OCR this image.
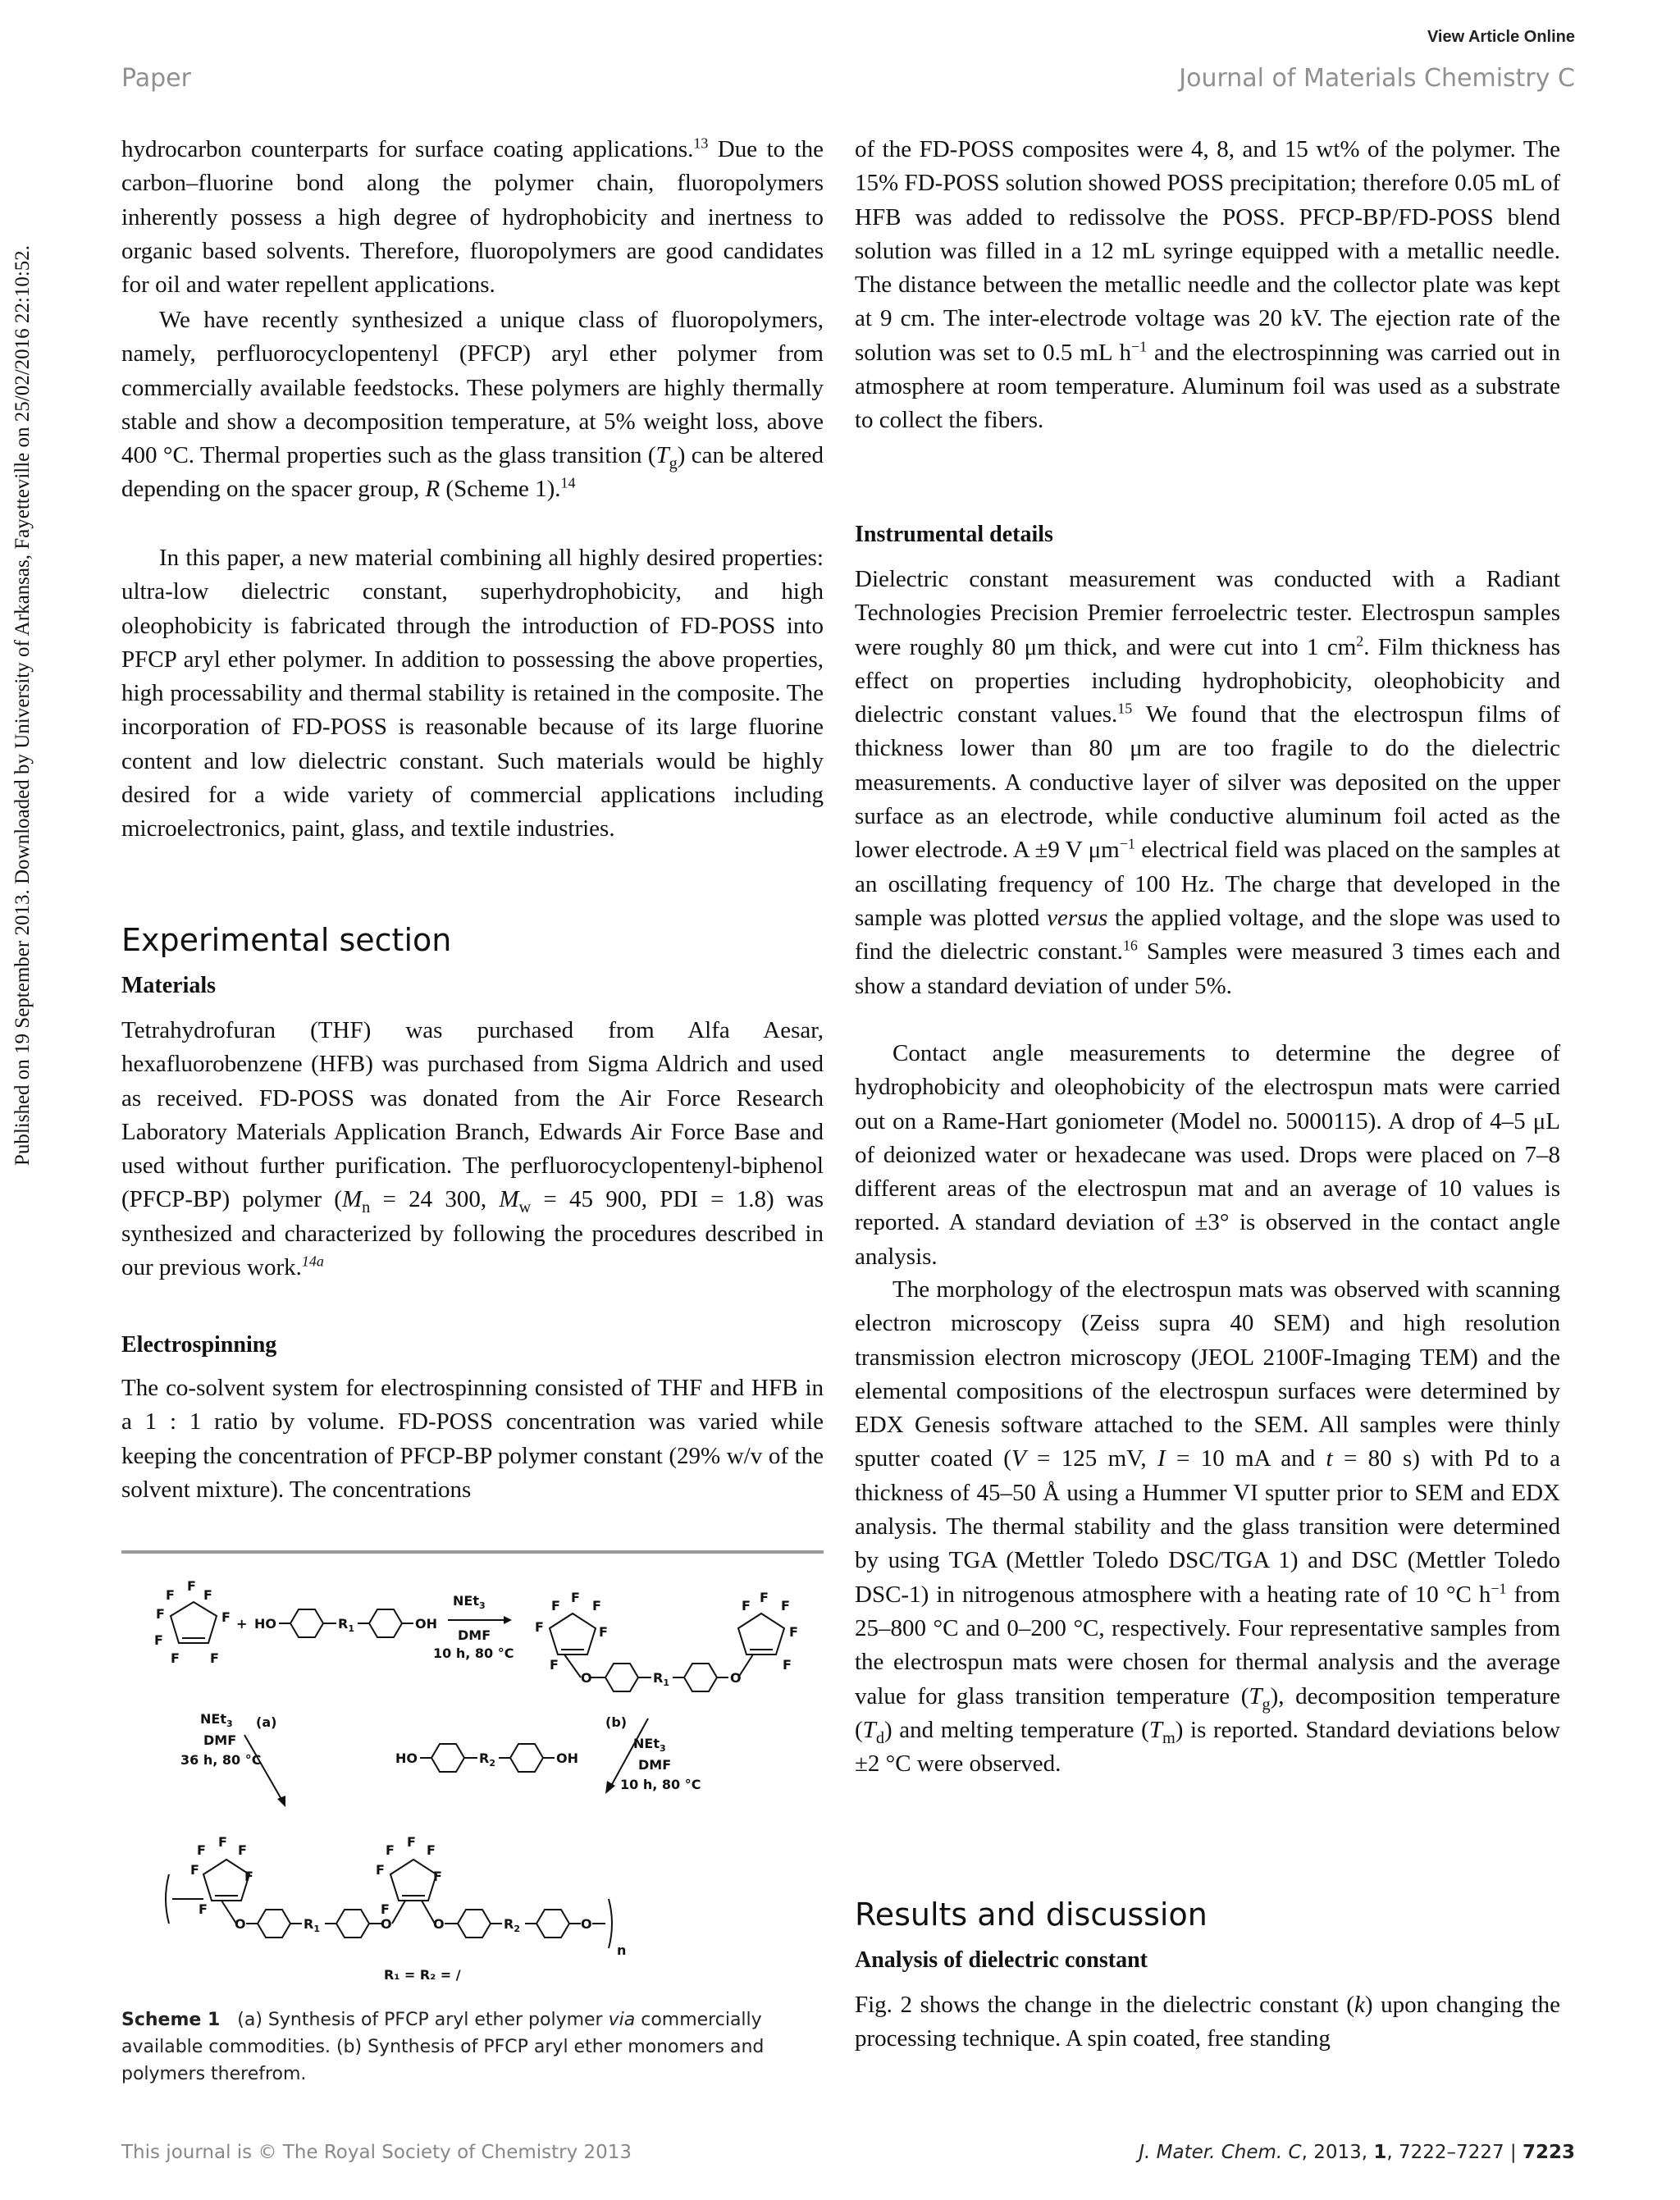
View Article Online
Paper	Journal of Materials Chemistry C
Published on 19 September 2013. Downloaded by University of Arkansas, Fayetteville on 25/02/2016 22:10:52.

hydrocarbon counterparts for surface coating applications.$^{13}$ Due to the carbon–fluorine bond along the polymer chain, fluoropolymers inherently possess a high degree of hydrophobicity and inertness to organic based solvents. Therefore, fluoropolymers are good candidates for oil and water repellent applications.

We have recently synthesized a unique class of fluoropolymers, namely, perfluorocyclopentenyl (PFCP) aryl ether polymer from commercially available feedstocks. These polymers are highly thermally stable and show a decomposition temperature, at 5% weight loss, above 400 °C. Thermal properties such as the glass transition $(T_g)$ can be altered depending on the spacer group, R (Scheme 1).$^{14}$

In this paper, a new material combining all highly desired properties: ultra-low dielectric constant, superhydrophobicity, and high oleophobicity is fabricated through the introduction of FD-POSS into PFCP aryl ether polymer. In addition to possessing the above properties, high processability and thermal stability is retained in the composite. The incorporation of FD-POSS is reasonable because of its large fluorine content and low dielectric constant. Such materials would be highly desired for a wide variety of commercial applications including microelectronics, paint, glass, and textile industries.

Experimental section
Materials

Tetrahydrofuran (THF) was purchased from Alfa Aesar, hexafluorobenzene (HFB) was purchased from Sigma Aldrich and used as received. FD-POSS was donated from the Air Force Research Laboratory Materials Application Branch, Edwards Air Force Base and used without further purification. The perfluorocyclopentenyl-biphenol (PFCP-BP) polymer ($M_n = 24$ 300, $M_w = 45$ 900, PDI = 1.8) was synthesized and characterized by following the procedures described in our previous work.$^{14a}$

Electrospinning

The co-solvent system for electrospinning consisted of THF and HFB in a 1 : 1 ratio by volume. FD-POSS concentration was varied while keeping the concentration of PFCP-BP polymer constant (29% w/v of the solvent mixture). The concentrations

F
F
F
F
F
F
F F
+ HO	$R_1$	OH
NEt$_3$
DMF
10 h, 80 °C
O	$R_1$	O
F
F
F
F
F
F
F
F
F
F
F
NEt$_3$ (a)
DMF
36 h, 80 °C	HO	$R_2$	OH
(b)
NEt$_3$
DMF
10 h, 80 °C
O	$R_1$	O	O	$R_2$	O
n
F
F
F
F
F
F
F
F
F
F
F
F
R₁ = R₂ = /
Scheme 1 (a) Synthesis of PFCP aryl ether polymer via commercially available commodities. (b) Synthesis of PFCP aryl ether monomers and polymers therefrom.

of the FD-POSS composites were 4, 8, and 15 wt% of the polymer. The 15% FD-POSS solution showed POSS precipitation; therefore 0.05 mL of HFB was added to redissolve the POSS. PFCP-BP/FD-POSS blend solution was filled in a 12 mL syringe equipped with a metallic needle. The distance between the metallic needle and the collector plate was kept at 9 cm. The inter-electrode voltage was 20 kV. The ejection rate of the solution was set to 0.5 mL $h^{-1}$ and the electrospinning was carried out in atmosphere at room temperature. Aluminum foil was used as a substrate to collect the fibers.

Instrumental details

Dielectric constant measurement was conducted with a Radiant Technologies Precision Premier ferroelectric tester. Electrospun samples were roughly 80 μm thick, and were cut into 1 $cm^2$. Film thickness has effect on properties including hydrophobicity, oleophobicity and dielectric constant values.$^{15}$ We found that the electrospun films of thickness lower than 80 μm are too fragile to do the dielectric measurements. A conductive layer of silver was deposited on the upper surface as an electrode, while conductive aluminum foil acted as the lower electrode. A ±9 V $\mu m^{-1}$ electrical field was placed on the samples at an oscillating frequency of 100 Hz. The charge that developed in the sample was plotted versus the applied voltage, and the slope was used to find the dielectric constant.$^{16}$ Samples were measured 3 times each and show a standard deviation of under 5%.

Contact angle measurements to determine the degree of hydrophobicity and oleophobicity of the electrospun mats were carried out on a Rame-Hart goniometer (Model no. 5000115). A drop of 4–5 μL of deionized water or hexadecane was used. Drops were placed on 7–8 different areas of the electrospun mat and an average of 10 values is reported. A standard deviation of ±3° is observed in the contact angle analysis.

The morphology of the electrospun mats was observed with scanning electron microscopy (Zeiss supra 40 SEM) and high resolution transmission electron microscopy (JEOL 2100F-Imaging TEM) and the elemental compositions of the electrospun surfaces were determined by EDX Genesis software attached to the SEM. All samples were thinly sputter coated (V = 125 mV, I = 10 mA and t = 80 s) with Pd to a thickness of 45–50 Å using a Hummer VI sputter prior to SEM and EDX analysis. The thermal stability and the glass transition were determined by using TGA (Mettler Toledo DSC/TGA 1) and DSC (Mettler Toledo DSC-1) in nitrogenous atmosphere with a heating rate of 10 °C $h^{-1}$ from 25–800 °C and 0–200 °C, respectively. Four representative samples from the electrospun mats were chosen for thermal analysis and the average value for glass transition temperature $(T_g)$, decomposition temperature $(T_d)$ and melting temperature $(T_m)$ is reported. Standard deviations below ±2 °C were observed.

Results and discussion
Analysis of dielectric constant

Fig. 2 shows the change in the dielectric constant (k) upon changing the processing technique. A spin coated, free standing

This journal is © The Royal Society of Chemistry 2013	J. Mater. Chem. C, 2013, 1, 7222–7227 | 7223
